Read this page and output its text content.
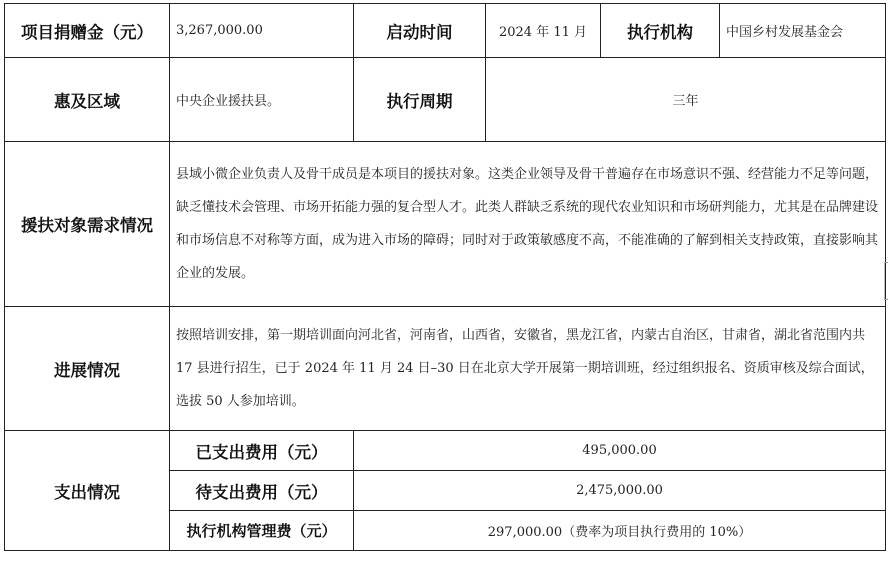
项目捐赠金（元）	3,267,000.00	启动时间	2024 年 11 月	执行机构	中国乡村发展基金会
惠及区域	中央企业援扶县。	执行周期	三年		
援扶对象需求情况	县域小微企业负责人及骨干成员是本项目的援扶对象。这类企业领导及骨干普遍存在市场意识不强、经营能力不足等问题，缺乏懂技术会管理、市场开拓能力强的复合型人才。此类人群缺乏系统的现代农业知识和市场研判能力，尤其是在品牌建设和市场信息不对称等方面，成为进入市场的障碍；同时对于政策敏感度不高，不能准确的了解到相关支持政策，直接影响其企业的发展。				
进展情况	按照培训安排，第一期培训面向河北省，河南省，山西省，安徽省，黑龙江省，内蒙古自治区，甘肃省，湖北省范围内共 17 县进行招生，已于 2024 年 11 月 24 日–30 日在北京大学开展第一期培训班，经过组织报名、资质审核及综合面试，选拔 50 人参加培训。				
支出情况	已支出费用（元）	495,000.00			
	待支出费用（元）	2,475,000.00			
	执行机构管理费（元）	297,000.00（费率为项目执行费用的 10%）			
